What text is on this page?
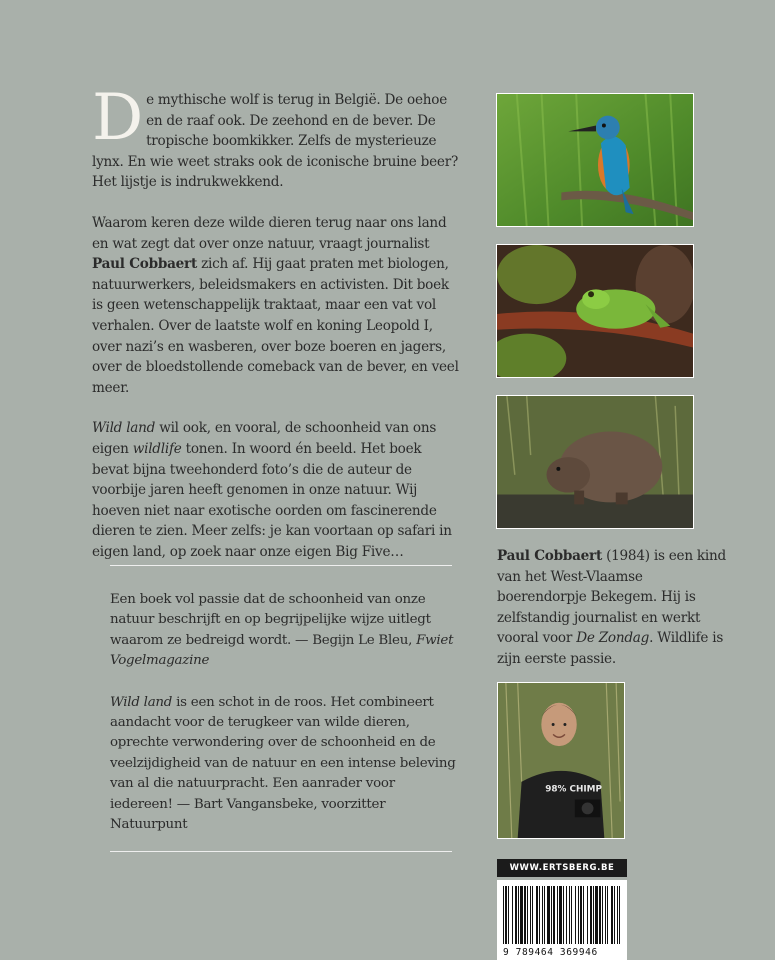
De mythische wolf is terug in België. De oehoe en de raaf ook. De zeehond en de bever. De tropische boomkikker. Zelfs de mysterieuze lynx. En wie weet straks ook de iconische bruine beer? Het lijstje is indrukwekkend.

Waarom keren deze wilde dieren terug naar ons land en wat zegt dat over onze natuur, vraagt journalist Paul Cobbaert zich af. Hij gaat praten met biologen, natuurwerkers, beleidsmakers en activisten. Dit boek is geen wetenschappelijk traktaat, maar een vat vol verhalen. Over de laatste wolf en koning Leopold I, over nazi’s en wasberen, over boze boeren en jagers, over de bloedstollende comeback van de bever, en veel meer.

Wild land wil ook, en vooral, de schoonheid van ons eigen wildlife tonen. In woord én beeld. Het boek bevat bijna tweehonderd foto’s die de auteur de voorbije jaren heeft genomen in onze natuur. Wij hoeven niet naar exotische oorden om fascinerende dieren te zien. Meer zelfs: je kan voortaan op safari in eigen land, op zoek naar onze eigen Big Five…

Een boek vol passie dat de schoonheid van onze natuur beschrijft en op begrijpelijke wijze uitlegt waarom ze bedreigd wordt. — Begijn Le Bleu, Fwiet Vogelmagazine

Wild land is een schot in de roos. Het combineert aandacht voor de terugkeer van wilde dieren, oprechte verwondering over de schoonheid en de veelzijdigheid van de natuur en een intense beleving van al die natuurpracht. Een aanrader voor iedereen! — Bart Vangansbeke, voorzitter Natuurpunt

Paul Cobbaert (1984) is een kind van het West-Vlaamse boerendorpje Bekegem. Hij is zelfstandig journalist en werkt vooral voor De Zondag. Wildlife is zijn eerste passie.

98% CHIMP
WWW.ERTSBERG.BE
9 789464 369946
